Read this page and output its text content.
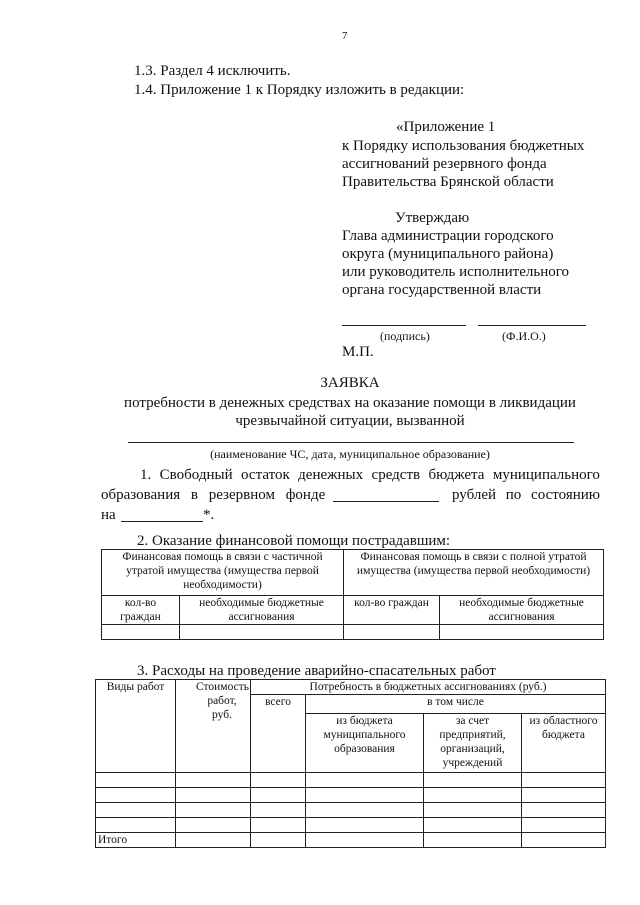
7
1.3. Раздел 4 исключить.
1.4. Приложение 1 к Порядку изложить в редакции:
«Приложение 1
к Порядку использования бюджетных
ассигнований резервного фонда
Правительства Брянской области
Утверждаю
Глава администрации городского
округа (муниципального района)
или руководитель исполнительного
органа государственной власти
(подпись)	(Ф.И.О.)
М.П.
ЗАЯВКА
потребности в денежных средствах на оказание помощи в ликвидации
чрезвычайной ситуации, вызванной
(наименование ЧС, дата, муниципальное образование)
1. Свободный остаток денежных средств бюджета муниципального
образования в резервном фонде	рублей по состоянию
на	*.
2. Оказание финансовой помощи пострадавшим:
Финансовая помощь в связи с частичной утратой имущества (имущества первой необходимости)		Финансовая помощь в связи с полной утратой имущества (имущества первой необходимости)	
кол-во граждан	необходимые бюджетные ассигнования	кол-во граждан	необходимые бюджетные ассигнования

3. Расходы на проведение аварийно-спасательных работ
Виды работ	Стоимость работ, руб.	Потребность в бюджетных ассигнованиях (руб.)			
		всего	в том числе		
			из бюджета муниципального образования	за счет предприятий, организаций, учреждений	из областного бюджета

Итого					
